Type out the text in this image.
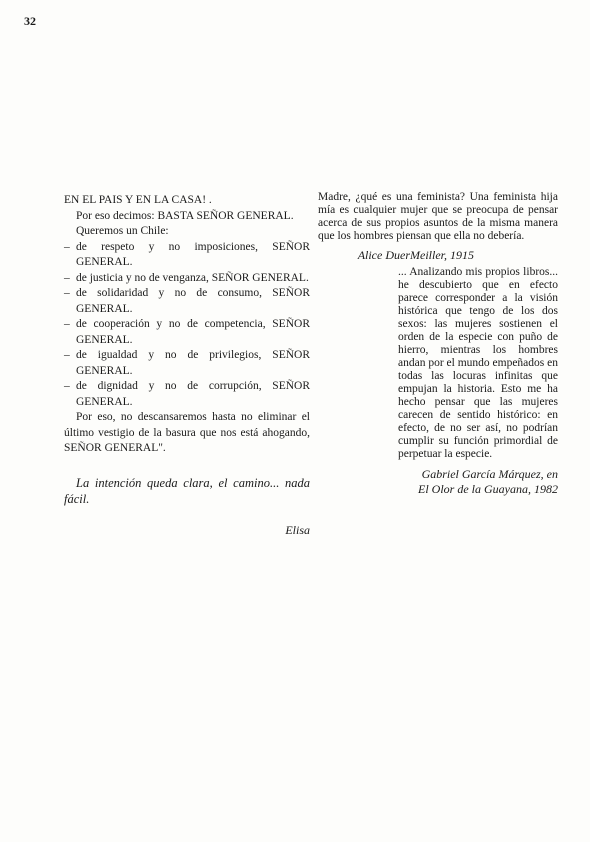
32

EN EL PAIS Y EN LA CASA! .

Por eso decimos: BASTA SEÑOR GENERAL.

Queremos un Chile:

– de respeto y no imposiciones, SEÑOR GENERAL.
– de justicia y no de venganza, SEÑOR GENERAL.
– de solidaridad y no de consumo, SEÑOR GENERAL.
– de cooperación y no de competencia, SEÑOR GENERAL.
– de igualdad y no de privilegios, SEÑOR GENERAL.
– de dignidad y no de corrupción, SEÑOR GENERAL.

Por eso, no descansaremos hasta no eliminar el último vestigio de la basura que nos está ahogando, SEÑOR GENERAL".

La intención queda clara, el camino... nada fácil.

Elisa

Madre, ¿qué es una feminista? Una feminista hija mía es cualquier mujer que se preocupa de pensar acerca de sus propios asuntos de la misma manera que los hombres piensan que ella no debería.

Alice DuerMeiller, 1915

... Analizando mis propios libros... he descubierto que en efecto parece corresponder a la visión histórica que tengo de los dos sexos: las mujeres sostienen el orden de la especie con puño de hierro, mientras los hombres andan por el mundo empeñados en todas las locuras infinitas que empujan la historia. Esto me ha hecho pensar que las mujeres carecen de sentido histórico: en efecto, de no ser así, no podrían cumplir su función primordial de perpetuar la especie.

Gabriel García Márquez, en
El Olor de la Guayana, 1982
